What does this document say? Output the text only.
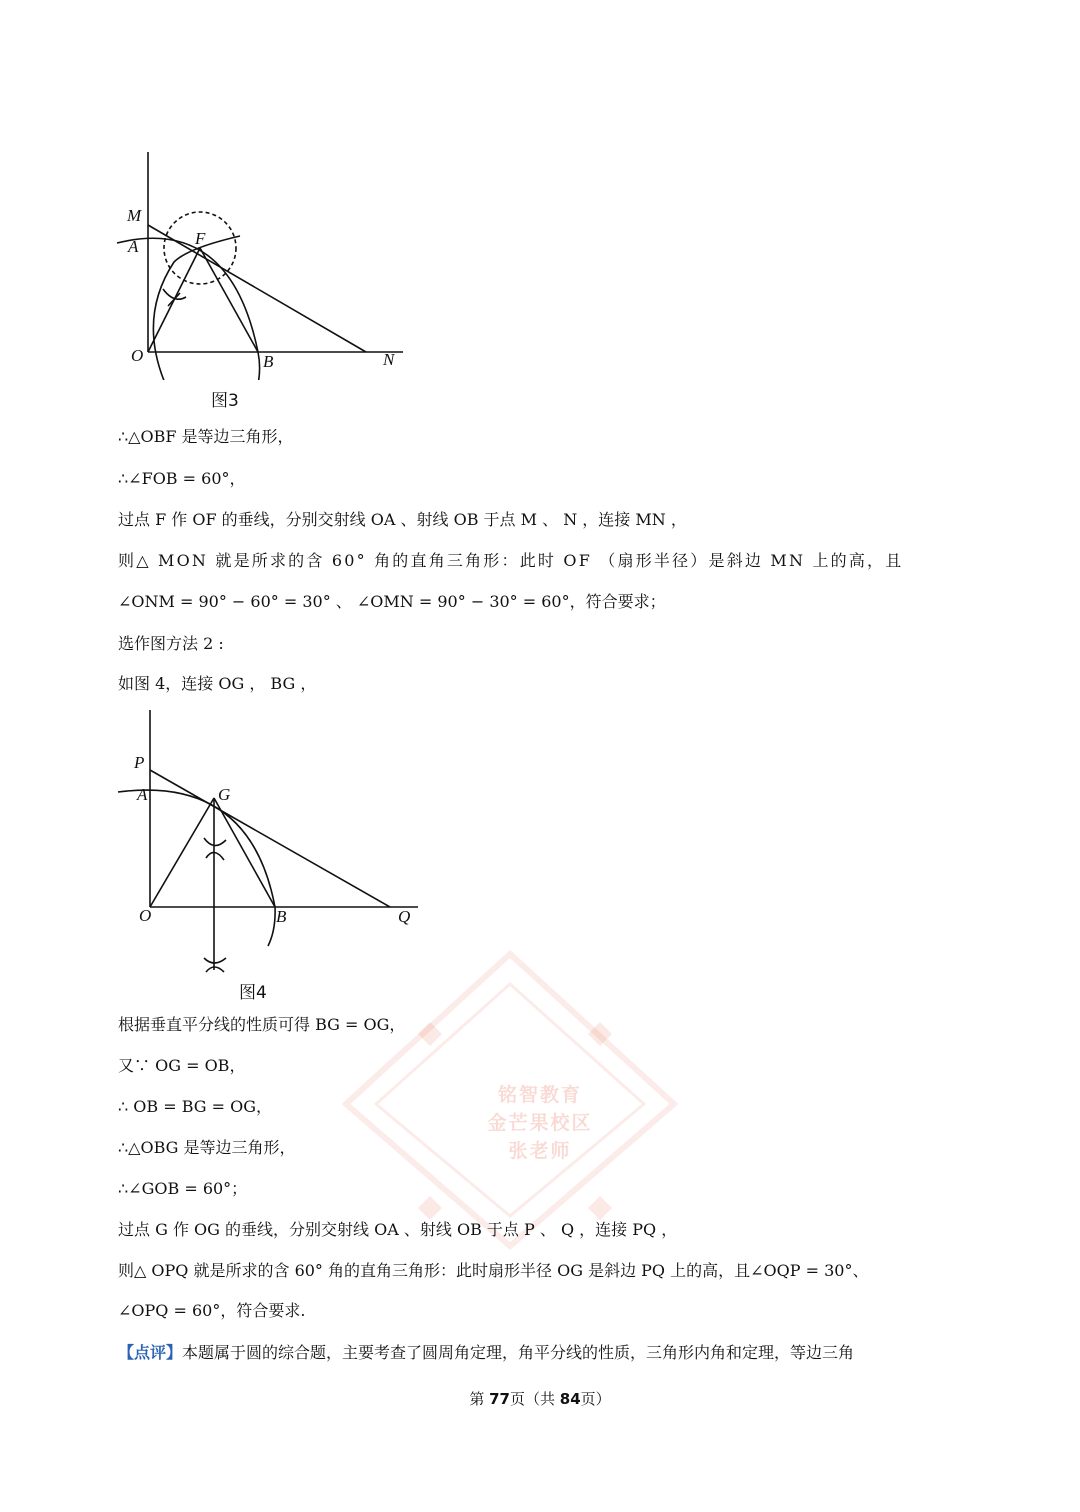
M
A	F
O	B	N
图3
∴△OBF 是等边三角形，
∴∠FOB = 60°，
过点 F 作 OF 的垂线，分别交射线 OA 、射线 OB 于点 M 、 N ，连接 MN ，
则△ MON 就是所求的含 60° 角的直角三角形：此时 OF （扇形半径）是斜边 MN 上的高，且
∠ONM = 90° − 60° = 30° 、 ∠OMN = 90° − 30° = 60°，符合要求；
选作图方法 2 :
如图 4，连接 OG ， BG ，
P
A	G
O	B	Q
图4
铭智教育
金芒果校区
张老师
根据垂直平分线的性质可得 BG = OG，
又∵ OG = OB，
∴ OB = BG = OG，
∴△OBG 是等边三角形，
∴∠GOB = 60°；
过点 G 作 OG 的垂线，分别交射线 OA 、射线 OB 于点 P 、 Q ，连接 PQ ，
则△ OPQ 就是所求的含 60° 角的直角三角形：此时扇形半径 OG 是斜边 PQ 上的高，且∠OQP = 30°、
∠OPQ = 60°，符合要求.
【点评】本题属于圆的综合题，主要考查了圆周角定理，角平分线的性质，三角形内角和定理，等边三角
第 77页（共 84页）
